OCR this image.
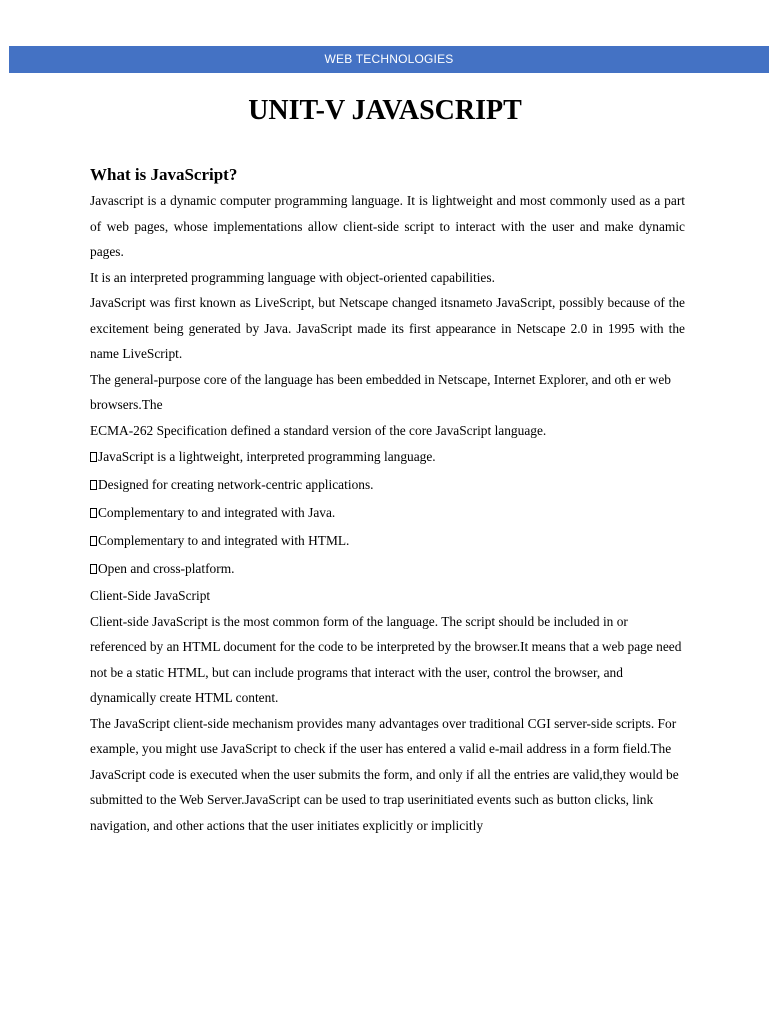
WEB TECHNOLOGIES
UNIT-V JAVASCRIPT
What is JavaScript?

Javascript is a dynamic computer programming language. It is lightweight and most commonly used as a part of web pages, whose implementations allow client-side script to interact with the user and make dynamic pages.

It is an interpreted programming language with object-oriented capabilities.

JavaScript was first known as LiveScript, but Netscape changed itsnameto JavaScript, possibly because of the excitement being generated by Java. JavaScript made its first appearance in Netscape 2.0 in 1995 with the name LiveScript.

The general-purpose core of the language has been embedded in Netscape, Internet Explorer, and oth er web browsers.The

ECMA-262 Specification defined a standard version of the core JavaScript language.

JavaScript is a lightweight, interpreted programming language.

Designed for creating network-centric applications.

Complementary to and integrated with Java.

Complementary to and integrated with HTML.

Open and cross-platform.

Client-Side JavaScript

Client-side JavaScript is the most common form of the language. The script should be included in or referenced by an HTML document for the code to be interpreted by the browser.It means that a web page need not be a static HTML, but can include programs that interact with the user, control the browser, and dynamically create HTML content.

The JavaScript client-side mechanism provides many advantages over traditional CGI server-side scripts. For example, you might use JavaScript to check if the user has entered a valid e-mail address in a form field.The JavaScript code is executed when the user submits the form, and only if all the entries are valid,they would be submitted to the Web Server.JavaScript can be used to trap userinitiated events such as button clicks, link navigation, and other actions that the user initiates explicitly or implicitly
